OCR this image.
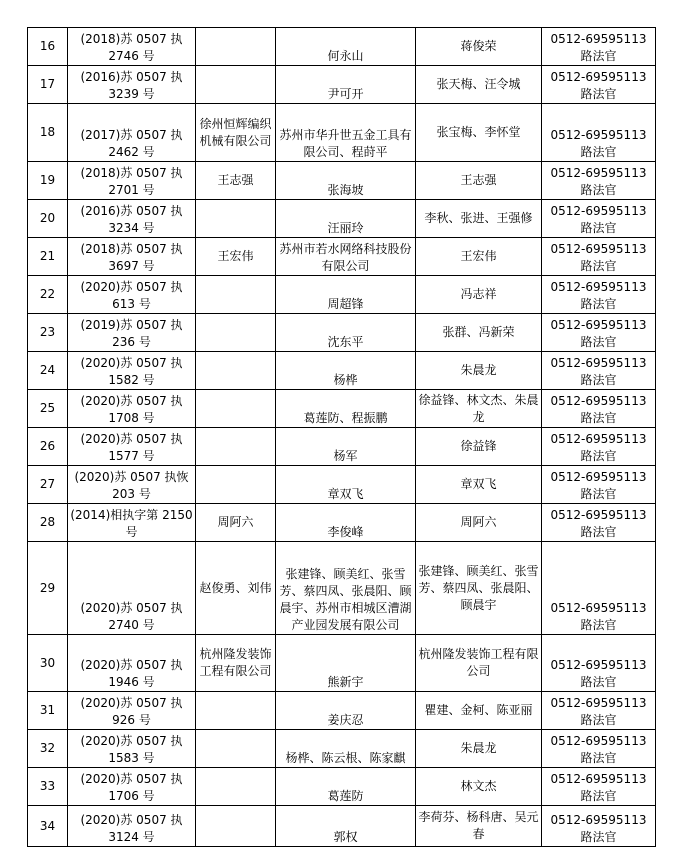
16	(2018)苏 0507 执 2746 号		何永山	蒋俊荣	0512-69595113 路法官

17	(2016)苏 0507 执 3239 号		尹可开	张天梅、汪令城	0512-69595113 路法官

18	(2017)苏 0507 执 2462 号	徐州恒辉编织机械有限公司	苏州市华升世五金工具有限公司、程莳平	张宝梅、李怀堂	0512-69595113 路法官

19	(2018)苏 0507 执 2701 号	王志强	张海坡	王志强	0512-69595113 路法官

20	(2016)苏 0507 执 3234 号		汪丽玲	李秋、张进、王强修	0512-69595113 路法官

21	(2018)苏 0507 执 3697 号	王宏伟	苏州市若水网络科技股份有限公司	王宏伟	0512-69595113 路法官

22	(2020)苏 0507 执 613 号		周超锋	冯志祥	0512-69595113 路法官

23	(2019)苏 0507 执 236 号		沈东平	张群、冯新荣	0512-69595113 路法官

24	(2020)苏 0507 执 1582 号		杨桦	朱晨龙	0512-69595113 路法官

25	(2020)苏 0507 执 1708 号		葛莲防、程振鹏	徐益锋、林文杰、朱晨龙	0512-69595113 路法官

26	(2020)苏 0507 执 1577 号		杨军	徐益锋	0512-69595113 路法官

27	(2020)苏 0507 执恢 203 号		章双飞	章双飞	0512-69595113 路法官

28	(2014)相执字第 2150 号	周阿六	李俊峰	周阿六	0512-69595113 路法官

29	(2020)苏 0507 执 2740 号	赵俊勇、刘伟	张建锋、顾美红、张雪芳、蔡四凤、张晨阳、顾晨宇、苏州市相城区漕湖产业园发展有限公司	张建锋、顾美红、张雪芳、蔡四凤、张晨阳、顾晨宇	0512-69595113 路法官

30	(2020)苏 0507 执 1946 号	杭州隆发装饰工程有限公司	熊新宇	杭州隆发装饰工程有限公司	0512-69595113 路法官

31	(2020)苏 0507 执 926 号		姜庆忍	瞿建、金柯、陈亚丽	0512-69595113 路法官

32	(2020)苏 0507 执 1583 号		杨桦、陈云根、陈家麒	朱晨龙	0512-69595113 路法官

33	(2020)苏 0507 执 1706 号		葛莲防	林文杰	0512-69595113 路法官

34	(2020)苏 0507 执 3124 号		郭权	李荷芬、杨科唐、吴元春	0512-69595113 路法官
